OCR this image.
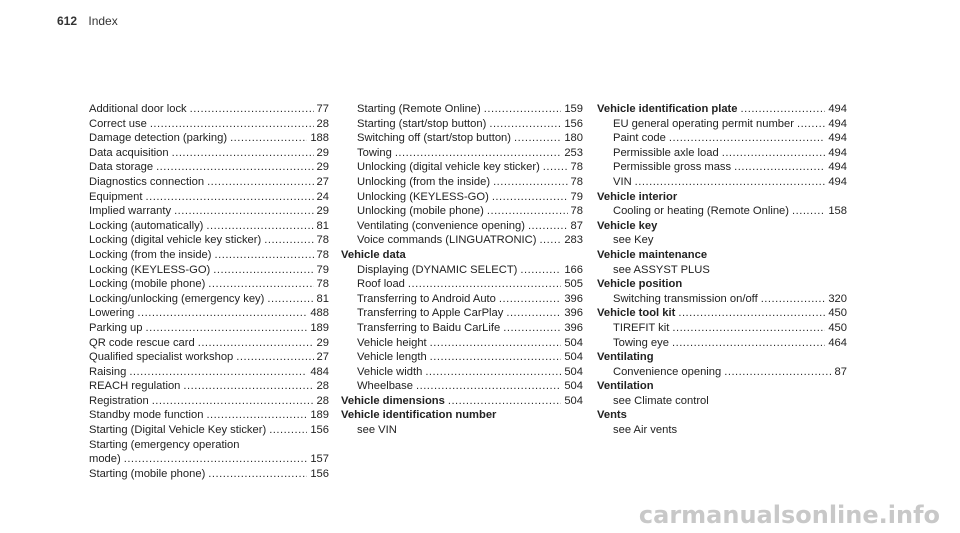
612 Index
Additional door lock .....	77
Correct use .....	28
Damage detection (parking) .....	188
Data acquisition .....	29
Data storage .....	29
Diagnostics connection .....	27
Equipment .....	24
Implied warranty .....	29
Locking (automatically) .....	81
Locking (digital vehicle key sticker) .....	78
Locking (from the inside) .....	78
Locking (KEYLESS-GO) .....	79
Locking (mobile phone) .....	78
Locking/unlocking (emergency key) .....	81
Lowering .....	488
Parking up .....	189
QR code rescue card .....	29
Qualified specialist workshop .....	27
Raising .....	484
REACH regulation .....	28
Registration .....	28
Standby mode function .....	189
Starting (Digital Vehicle Key sticker) .....	156
Starting (emergency operation
mode) .....	157
Starting (mobile phone) .....	156
Starting (Remote Online) .....	159
Starting (start/stop button) .....	156
Switching off (start/stop button) .....	180
Towing .....	253
Unlocking (digital vehicle key sticker) .....	78
Unlocking (from the inside) .....	78
Unlocking (KEYLESS-GO) .....	79
Unlocking (mobile phone) .....	78
Ventilating (convenience opening) .....	87
Voice commands (LINGUATRONIC) ..... 283
Vehicle data
Displaying (DYNAMIC SELECT) .....	166
Roof load .....	505
Transferring to Android Auto .....	396
Transferring to Apple CarPlay .....	396
Transferring to Baidu CarLife .....	396
Vehicle height .....	504
Vehicle length .....	504
Vehicle width .....	504
Wheelbase .....	504
Vehicle dimensions .....	504
Vehicle identification number
see VIN
Vehicle identification plate .....	494
EU general operating permit number .....	494
Paint code .....	494
Permissible axle load .....	494
Permissible gross mass .....	494
VIN .....	494
Vehicle interior
Cooling or heating (Remote Online) .....	158
Vehicle key
see Key
Vehicle maintenance
see ASSYST PLUS
Vehicle position
Switching transmission on/off .....	320
Vehicle tool kit .....	450
TIREFIT kit .....	450
Towing eye .....	464
Ventilating
Convenience opening .....	87
Ventilation
see Climate control
Vents
see Air vents
carmanualsonline.info
